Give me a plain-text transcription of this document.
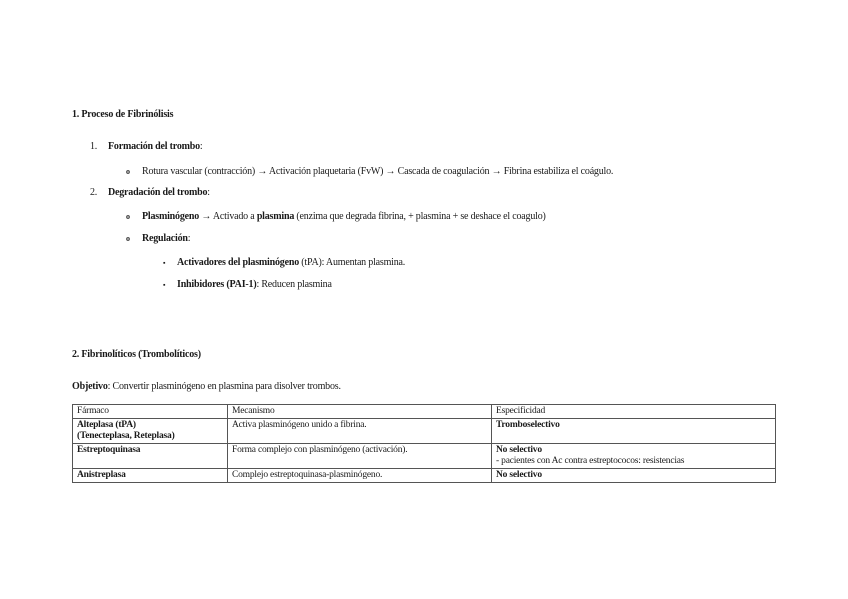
1. Proceso de Fibrinólisis
1. Formación del trombo:
o Rotura vascular (contracción) → Activación plaquetaria (FvW) → Cascada de coagulación → Fibrina estabiliza el coágulo.
2. Degradación del trombo:
o Plasminógeno → Activado a plasmina (enzima que degrada fibrina, + plasmina + se deshace el coagulo)
o Regulación:
▪ Activadores del plasminógeno (tPA): Aumentan plasmina.
▪ Inhibidores (PAI-1): Reducen plasmina
2. Fibrinolíticos (Trombolíticos)
Objetivo: Convertir plasminógeno en plasmina para disolver trombos.
Fármaco	Mecanismo	Especificidad
Alteplasa (tPA)
(Tenecteplasa, Reteplasa)	Activa plasminógeno unido a fibrina.	Tromboselectivo
Estreptoquinasa	Forma complejo con plasminógeno (activación).	No selectivo
- pacientes con Ac contra estreptococos: resistencias
Anistreplasa	Complejo estreptoquinasa-plasminógeno.	No selectivo
